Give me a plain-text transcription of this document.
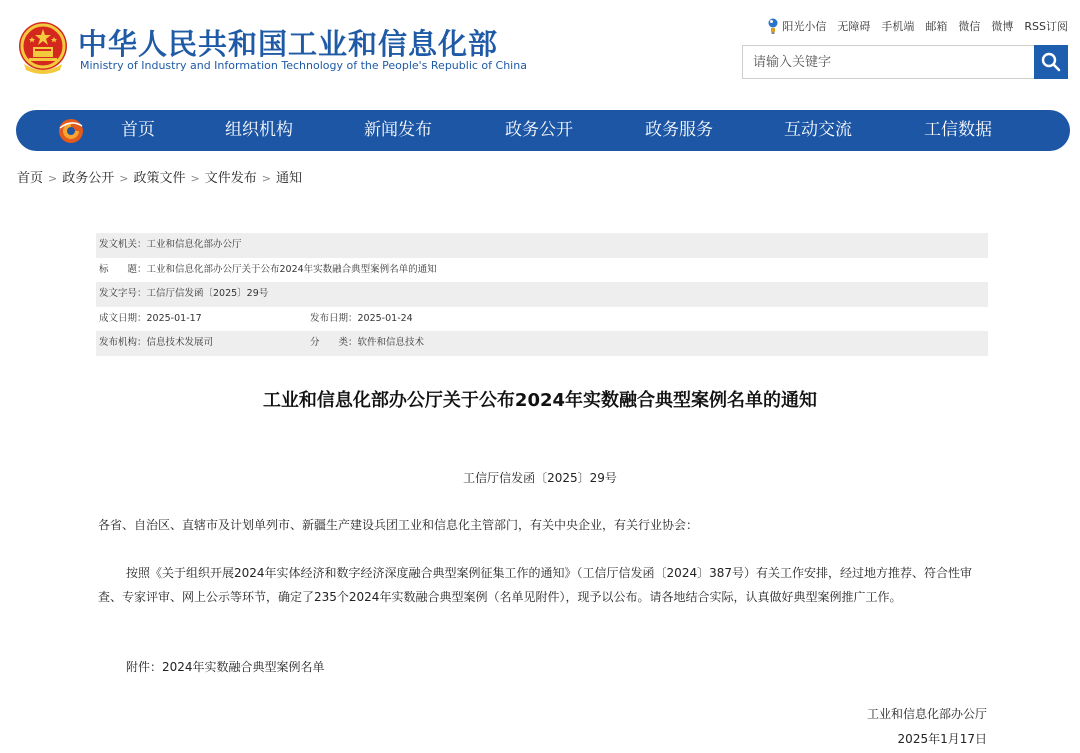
中华人民共和国工业和信息化部
Ministry of Industry and Information Technology of the People's Republic of China
阳光小信 无障碍 手机端 邮箱 微信 微博 RSS订阅
请输入关键字
首页	组织机构	新闻发布	政务公开	政务服务	互动交流	工信数据
首页 > 政务公开 > 政策文件 > 文件发布 > 通知
发文机关：工业和信息化部办公厅
标　　题：工业和信息化部办公厅关于公布2024年实数融合典型案例名单的通知
发文字号：工信厅信发函〔2025〕29号
成文日期：2025-01-17	发布日期：2025-01-24
发布机构：信息技术发展司	分　　类：软件和信息技术
工业和信息化部办公厅关于公布2024年实数融合典型案例名单的通知
工信厅信发函〔2025〕29号
各省、自治区、直辖市及计划单列市、新疆生产建设兵团工业和信息化主管部门，有关中央企业，有关行业协会：
按照《关于组织开展2024年实体经济和数字经济深度融合典型案例征集工作的通知》（工信厅信发函〔2024〕387号）有关工作安排，经过地方推荐、符合性审查、专家评审、网上公示等环节，确定了235个2024年实数融合典型案例（名单见附件），现予以公布。请各地结合实际，认真做好典型案例推广工作。
附件：2024年实数融合典型案例名单
工业和信息化部办公厅
2025年1月17日
